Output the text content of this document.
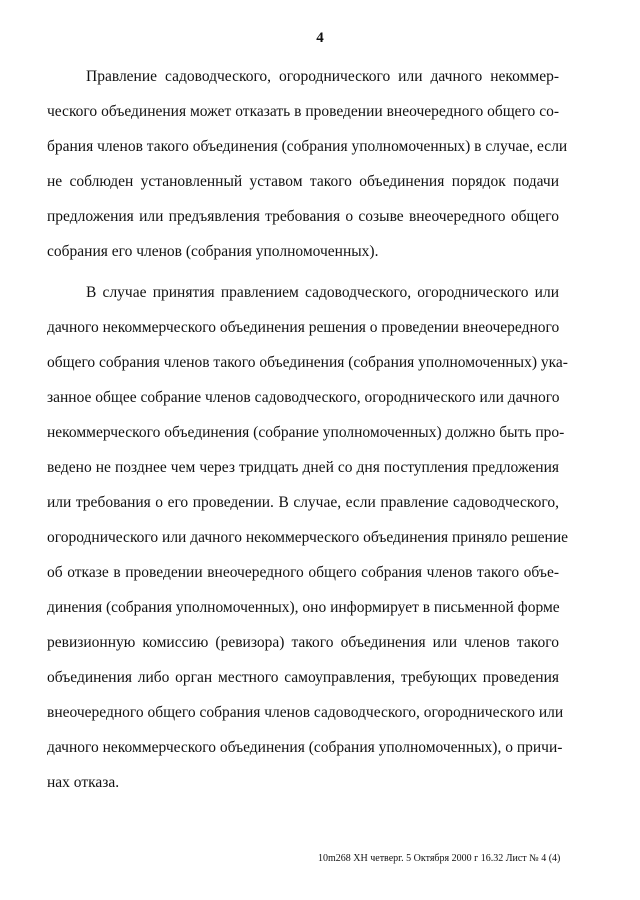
4
Правление садоводческого, огороднического или дачного некоммер-
ческого объединения может отказать в проведении внеочередного общего со-
брания членов такого объединения (собрания уполномоченных) в случае, если
не соблюден установленный уставом такого объединения порядок подачи
предложения или предъявления требования о созыве внеочередного общего
собрания его членов (собрания уполномоченных).
В случае принятия правлением садоводческого, огороднического или
дачного некоммерческого объединения решения о проведении внеочередного
общего собрания членов такого объединения (собрания уполномоченных) ука-
занное общее собрание членов садоводческого, огороднического или дачного
некоммерческого объединения (собрание уполномоченных) должно быть про-
ведено не позднее чем через тридцать дней со дня поступления предложения
или требования о его проведении. В случае, если правление садоводческого,
огороднического или дачного некоммерческого объединения приняло решение
об отказе в проведении внеочередного общего собрания членов такого объе-
динения (собрания уполномоченных), оно информирует в письменной форме
ревизионную комиссию (ревизора) такого объединения или членов такого
объединения либо орган местного самоуправления, требующих проведения
внеочередного общего собрания членов садоводческого, огороднического или
дачного некоммерческого объединения (собрания уполномоченных), о причи-
нах отказа.
10m268 ХН четверг. 5 Октября 2000 г 16.32 Лист № 4 (4)
